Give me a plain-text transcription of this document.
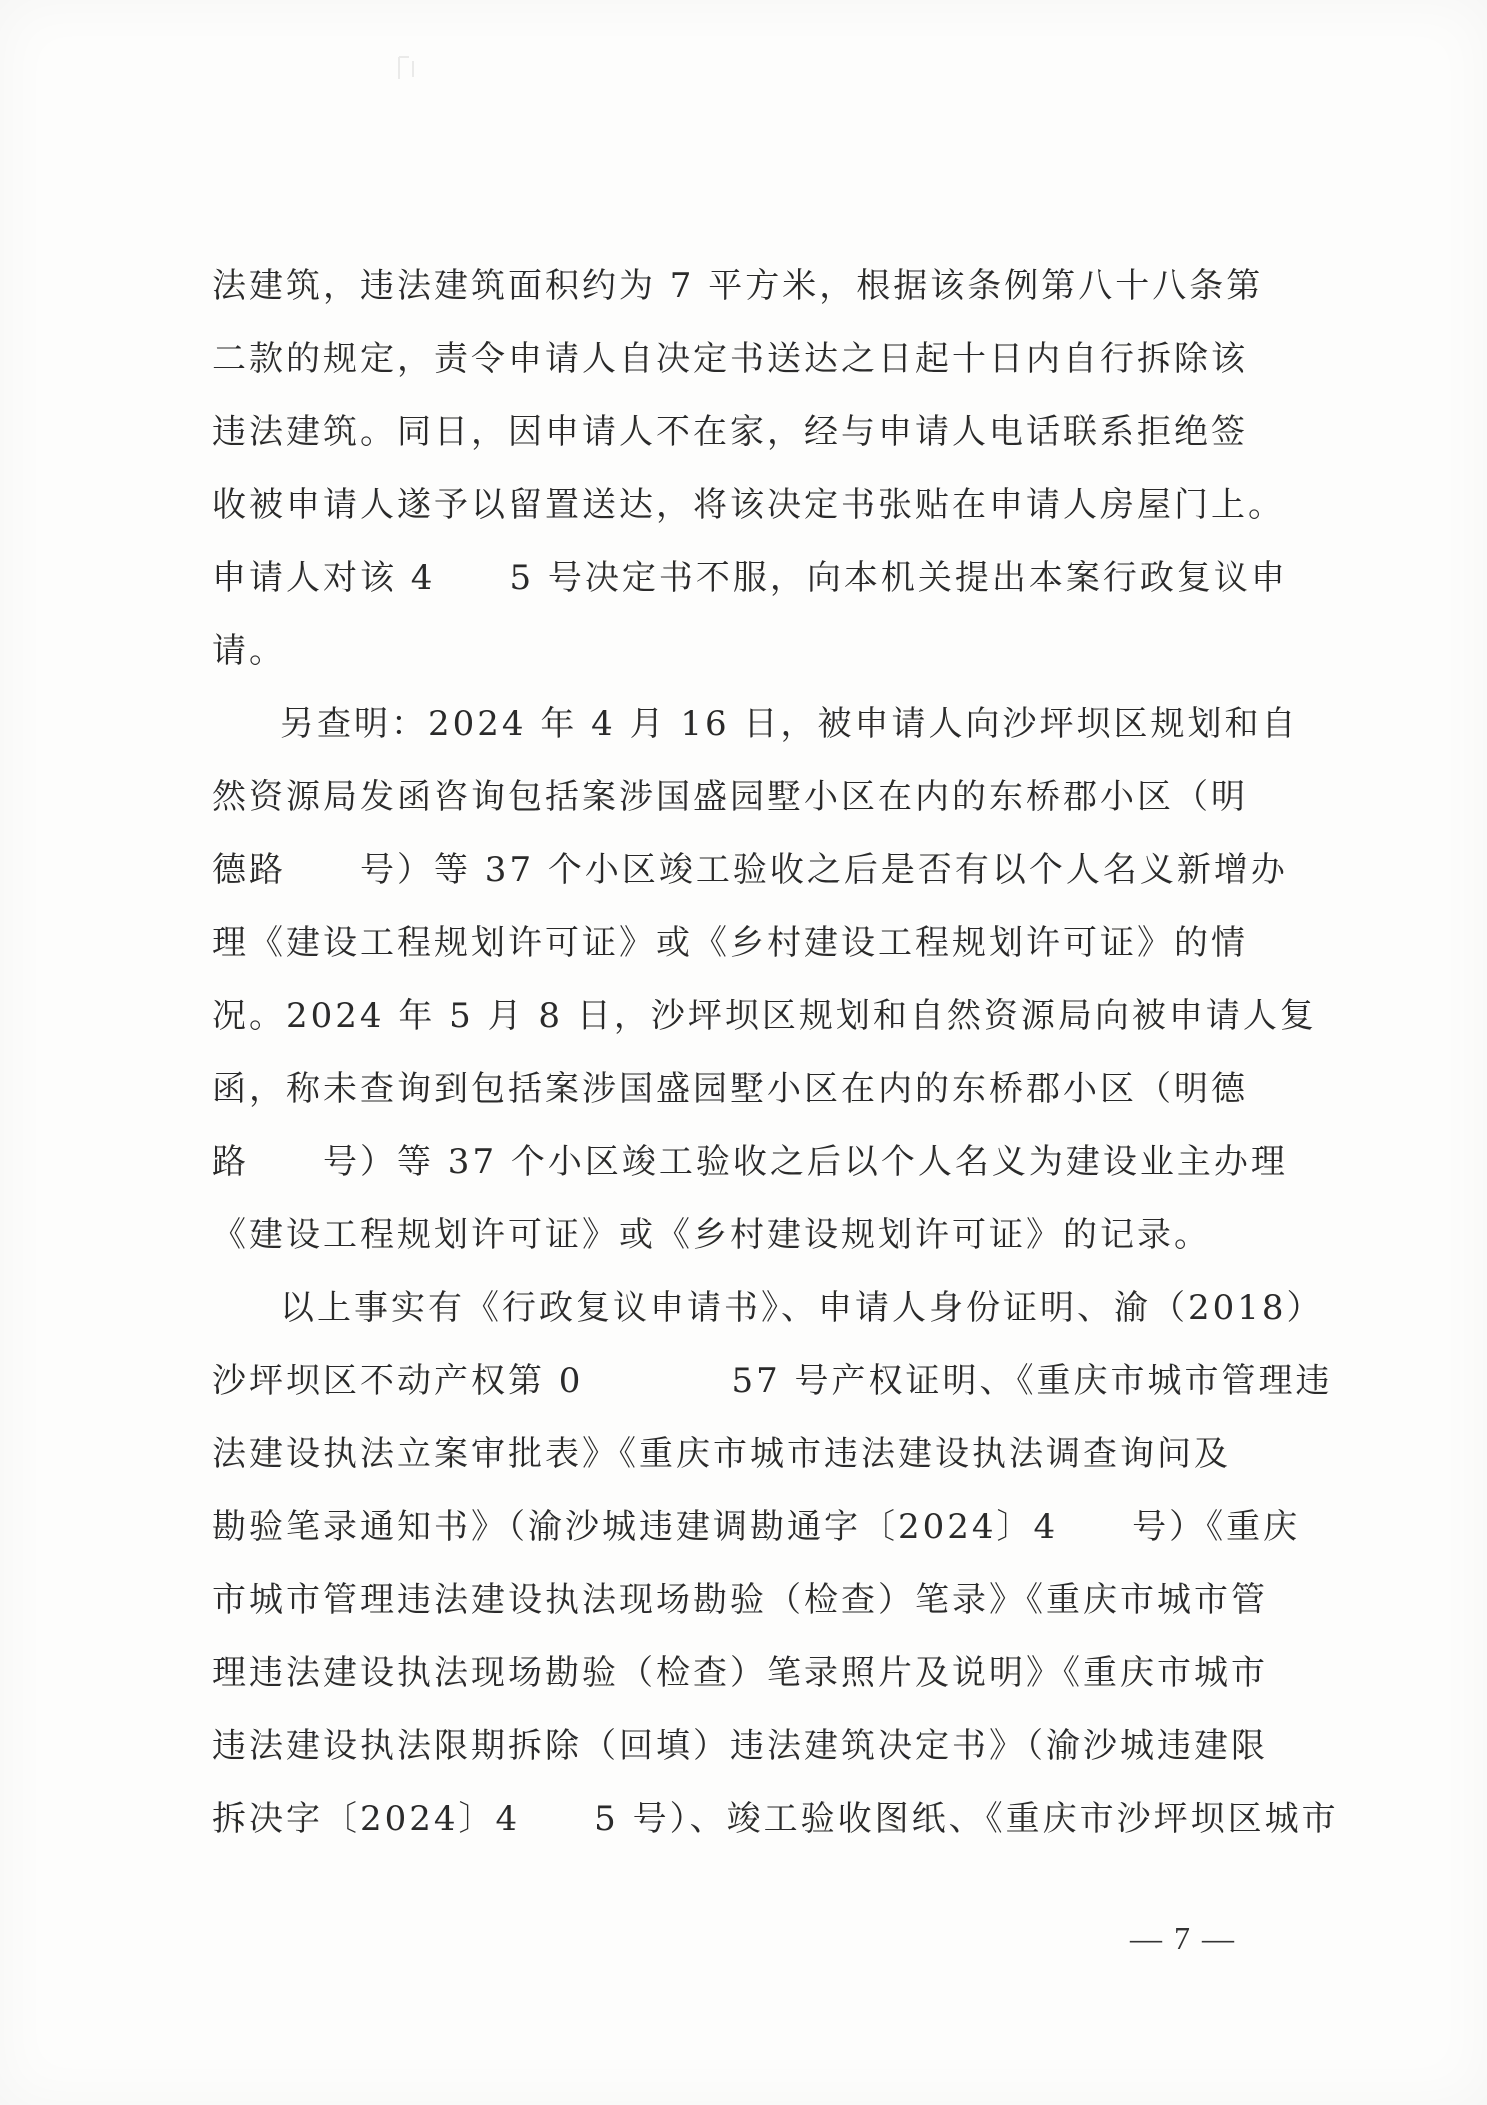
法建筑，违法建筑面积约为 7 平方米，根据该条例第八十八条第
二款的规定，责令申请人自决定书送达之日起十日内自行拆除该
违法建筑。同日，因申请人不在家，经与申请人电话联系拒绝签
收被申请人遂予以留置送达，将该决定书张贴在申请人房屋门上。
申请人对该 4　　5 号决定书不服，向本机关提出本案行政复议申
请。
另查明：2024 年 4 月 16 日，被申请人向沙坪坝区规划和自
然资源局发函咨询包括案涉国盛园墅小区在内的东桥郡小区（明
德路　　号）等 37 个小区竣工验收之后是否有以个人名义新增办
理《建设工程规划许可证》或《乡村建设工程规划许可证》的情
况。2024 年 5 月 8 日，沙坪坝区规划和自然资源局向被申请人复
函，称未查询到包括案涉国盛园墅小区在内的东桥郡小区（明德
路　　号）等 37 个小区竣工验收之后以个人名义为建设业主办理
《建设工程规划许可证》或《乡村建设规划许可证》的记录。
以上事实有《行政复议申请书》、申请人身份证明、渝（2018）
沙坪坝区不动产权第 0　　　　57 号产权证明、《重庆市城市管理违
法建设执法立案审批表》《重庆市城市违法建设执法调查询问及
勘验笔录通知书》（渝沙城违建调勘通字〔2024〕4　　号）《重庆
市城市管理违法建设执法现场勘验（检查）笔录》《重庆市城市管
理违法建设执法现场勘验（检查）笔录照片及说明》《重庆市城市
违法建设执法限期拆除（回填）违法建筑决定书》（渝沙城违建限
拆决字〔2024〕4　　5 号）、竣工验收图纸、《重庆市沙坪坝区城市
— 7 —
